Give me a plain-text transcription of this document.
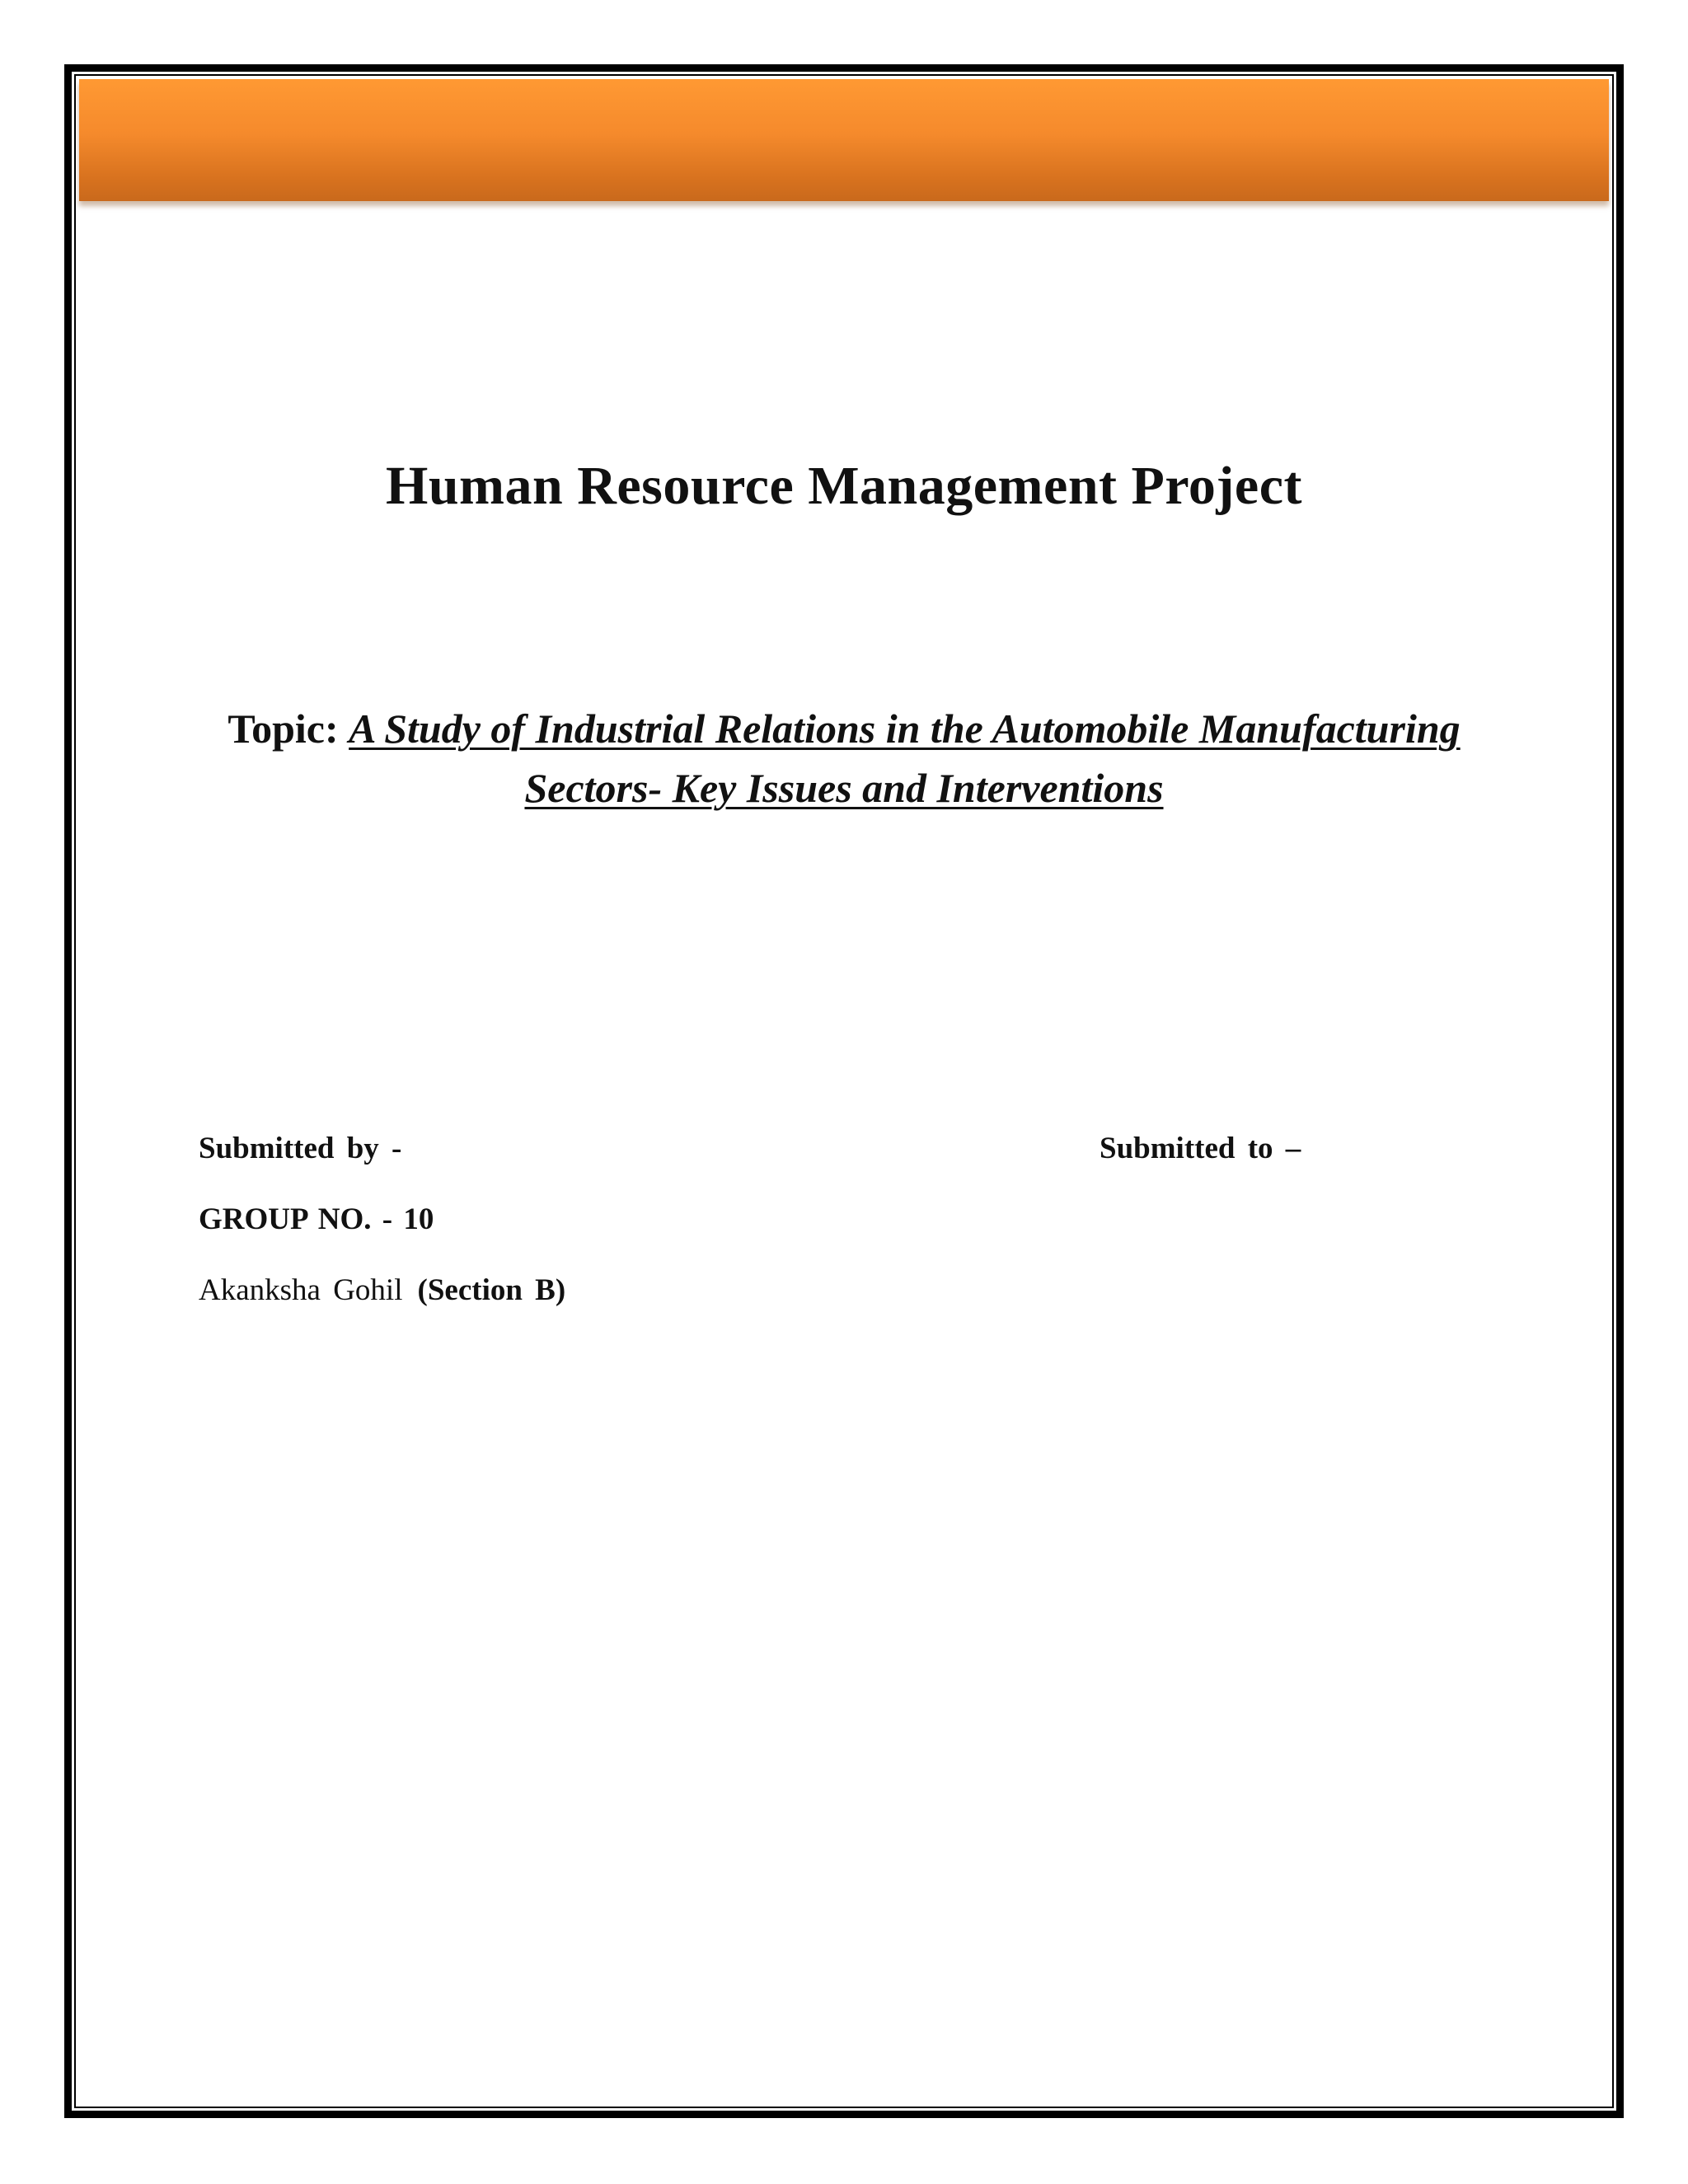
Human Resource Management Project
Topic: A Study of Industrial Relations in the Automobile Manufacturing Sectors- Key Issues and Interventions
Submitted by -	Submitted to –
GROUP NO. - 10
Akanksha Gohil (Section B)
